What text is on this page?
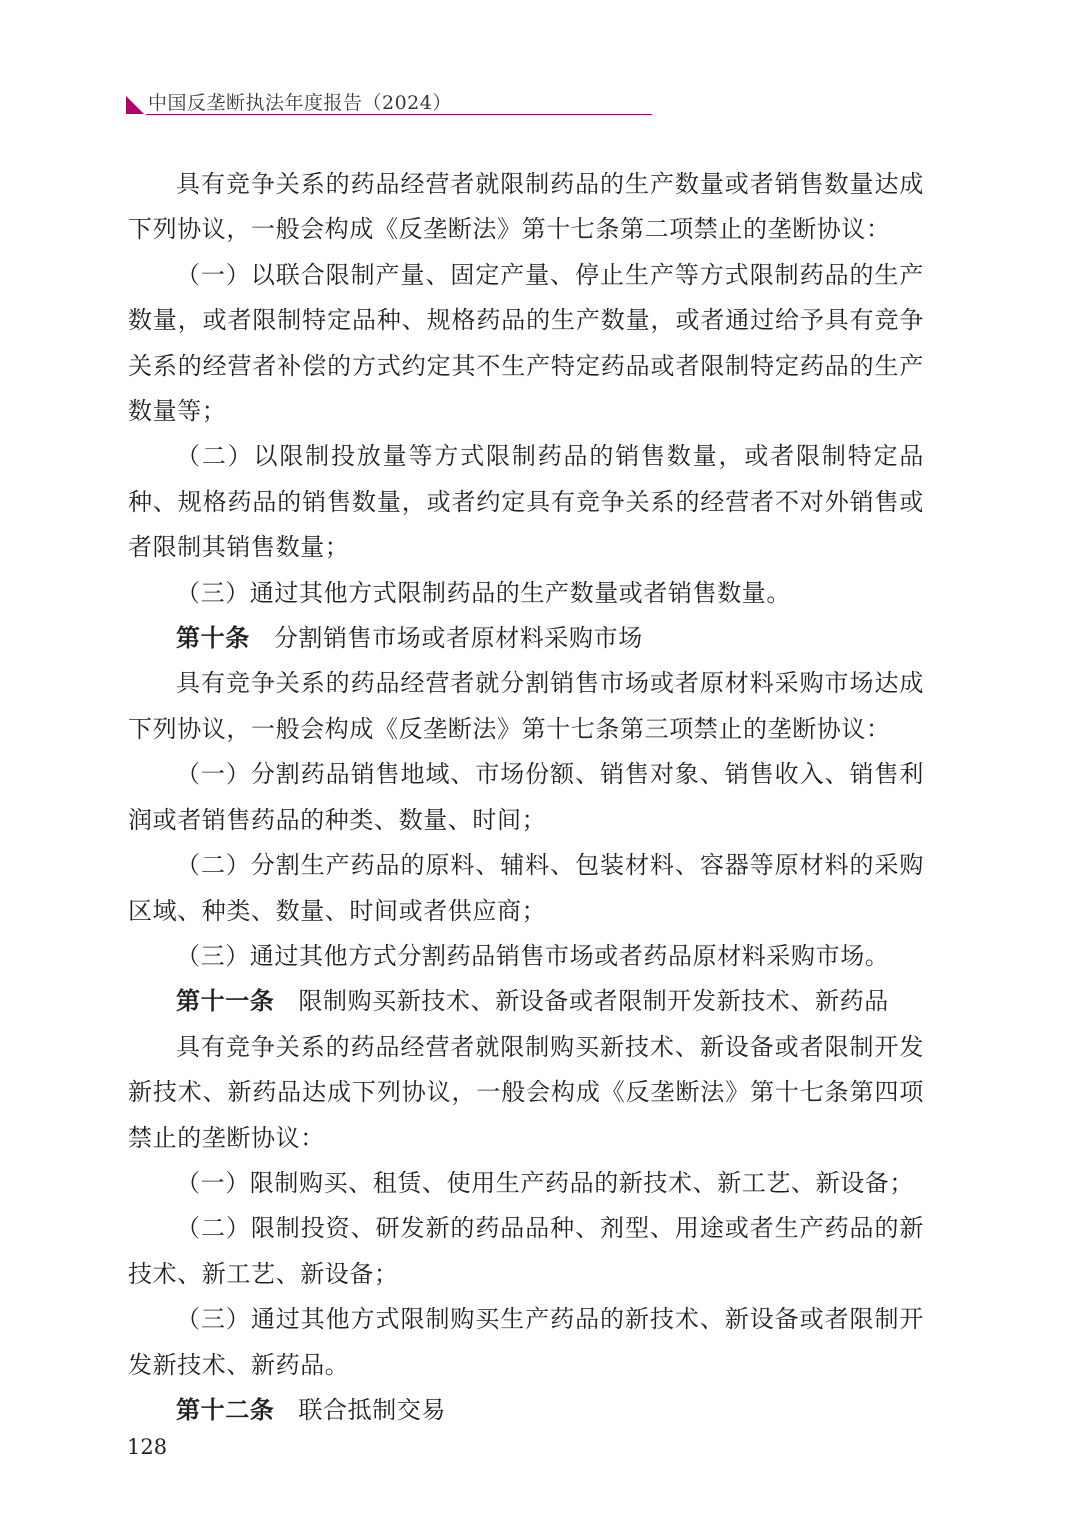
中国反垄断执法年度报告（2024）

具有竞争关系的药品经营者就限制药品的生产数量或者销售数量达成下列协议，一般会构成《反垄断法》第十七条第二项禁止的垄断协议：

（一）以联合限制产量、固定产量、停止生产等方式限制药品的生产数量，或者限制特定品种、规格药品的生产数量，或者通过给予具有竞争关系的经营者补偿的方式约定其不生产特定药品或者限制特定药品的生产数量等；

（二）以限制投放量等方式限制药品的销售数量，或者限制特定品种、规格药品的销售数量，或者约定具有竞争关系的经营者不对外销售或者限制其销售数量；

（三）通过其他方式限制药品的生产数量或者销售数量。

第十条 分割销售市场或者原材料采购市场

具有竞争关系的药品经营者就分割销售市场或者原材料采购市场达成下列协议，一般会构成《反垄断法》第十七条第三项禁止的垄断协议：

（一）分割药品销售地域、市场份额、销售对象、销售收入、销售利润或者销售药品的种类、数量、时间；

（二）分割生产药品的原料、辅料、包装材料、容器等原材料的采购区域、种类、数量、时间或者供应商；

（三）通过其他方式分割药品销售市场或者药品原材料采购市场。

第十一条 限制购买新技术、新设备或者限制开发新技术、新药品

具有竞争关系的药品经营者就限制购买新技术、新设备或者限制开发新技术、新药品达成下列协议，一般会构成《反垄断法》第十七条第四项禁止的垄断协议：

（一）限制购买、租赁、使用生产药品的新技术、新工艺、新设备；

（二）限制投资、研发新的药品品种、剂型、用途或者生产药品的新技术、新工艺、新设备；

（三）通过其他方式限制购买生产药品的新技术、新设备或者限制开发新技术、新药品。

第十二条 联合抵制交易

128
